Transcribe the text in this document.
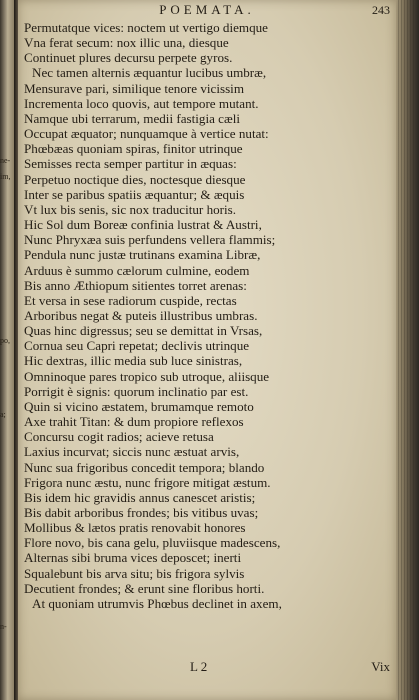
ne-
im,
po,
a;
n-
POEMATA.	243
Permutatque vices: noctem ut vertigo diemque
Vna ferat secum: nox illic una, diesque
Continuet plures decursu perpete gyros.
Nec tamen alternis æquantur lucibus umbræ,
Mensurave pari, similique tenore vicissim
Incrementa loco quovis, aut tempore mutant.
Namque ubi terrarum, medii fastigia cæli
Occupat æquator; nunquamque à vertice nutat:
Phœbæas quoniam spiras, finitor utrinque
Semisses recta semper partitur in æquas:
Perpetuo noctique dies, noctesque diesque
Inter se paribus spatiis æquantur; & æquis
Vt lux bis senis, sic nox traducitur horis.
Hic Sol dum Boreæ confinia lustrat & Austri,
Nunc Phryxæa suis perfundens vellera flammis;
Pendula nunc justæ trutinans examina Libræ,
Arduus è summo cælorum culmine, eodem
Bis anno Æthiopum sitientes torret arenas:
Et versa in sese radiorum cuspide, rectas
Arboribus negat & puteis illustribus umbras.
Quas hinc digressus; seu se demittat in Vrsas,
Cornua seu Capri repetat; declivis utrinque
Hic dextras, illic media sub luce sinistras,
Omninoque pares tropico sub utroque, aliisque
Porrigit è signis: quorum inclinatio par est.
Quin si vicino æstatem, brumamque remoto
Axe trahit Titan: & dum propiore reflexos
Concursu cogit radios; acieve retusa
Laxius incurvat; siccis nunc æstuat arvis,
Nunc sua frigoribus concedit tempora; blando
Frigora nunc æstu, nunc frigore mitigat æstum.
Bis idem hic gravidis annus canescet aristis;
Bis dabit arboribus frondes; bis vitibus uvas;
Mollibus & lætos pratis renovabit honores
Flore novo, bis cana gelu, pluviisque madescens,
Alternas sibi bruma vices deposcet; inerti
Squalebunt bis arva situ; bis frigora sylvis
Decutient frondes; & erunt sine floribus horti.
At quoniam utrumvis Phœbus declinet in axem,
L 2	Vix
